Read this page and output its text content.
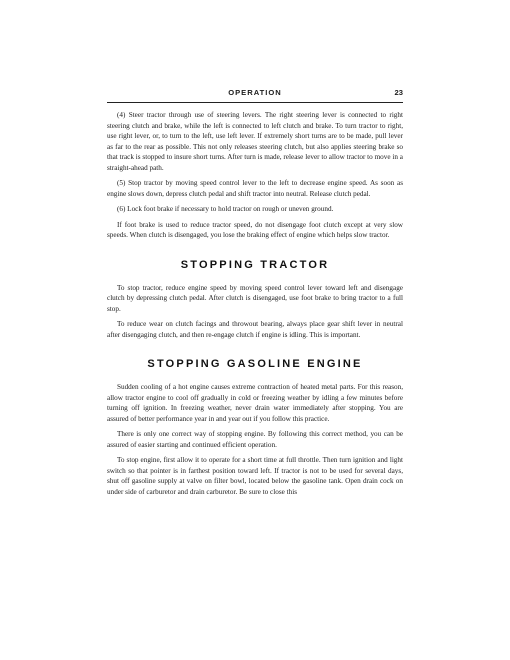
OPERATION	23

(4) Steer tractor through use of steering levers. The right steering lever is connected to right steering clutch and brake, while the left is connected to left clutch and brake. To turn tractor to right, use right lever, or, to turn to the left, use left lever. If extremely short turns are to be made, pull lever as far to the rear as possible. This not only releases steering clutch, but also applies steering brake so that track is stopped to insure short turns. After turn is made, release lever to allow tractor to move in a straight-ahead path.

(5) Stop tractor by moving speed control lever to the left to decrease engine speed. As soon as engine slows down, depress clutch pedal and shift tractor into neutral. Release clutch pedal.

(6) Lock foot brake if necessary to hold tractor on rough or uneven ground.

If foot brake is used to reduce tractor speed, do not disengage foot clutch except at very slow speeds. When clutch is disengaged, you lose the braking effect of engine which helps slow tractor.

STOPPING TRACTOR

To stop tractor, reduce engine speed by moving speed control lever toward left and disengage clutch by depressing clutch pedal. After clutch is disengaged, use foot brake to bring tractor to a full stop.

To reduce wear on clutch facings and throwout bearing, always place gear shift lever in neutral after disengaging clutch, and then re-engage clutch if engine is idling. This is important.

STOPPING GASOLINE ENGINE

Sudden cooling of a hot engine causes extreme contraction of heated metal parts. For this reason, allow tractor engine to cool off gradually in cold or freezing weather by idling a few minutes before turning off ignition. In freezing weather, never drain water immediately after stopping. You are assured of better performance year in and year out if you follow this practice.

There is only one correct way of stopping engine. By following this correct method, you can be assured of easier starting and continued efficient operation.

To stop engine, first allow it to operate for a short time at full throttle. Then turn ignition and light switch so that pointer is in farthest position toward left. If tractor is not to be used for several days, shut off gasoline supply at valve on filter bowl, located below the gasoline tank. Open drain cock on under side of carburetor and drain carburetor. Be sure to close this
